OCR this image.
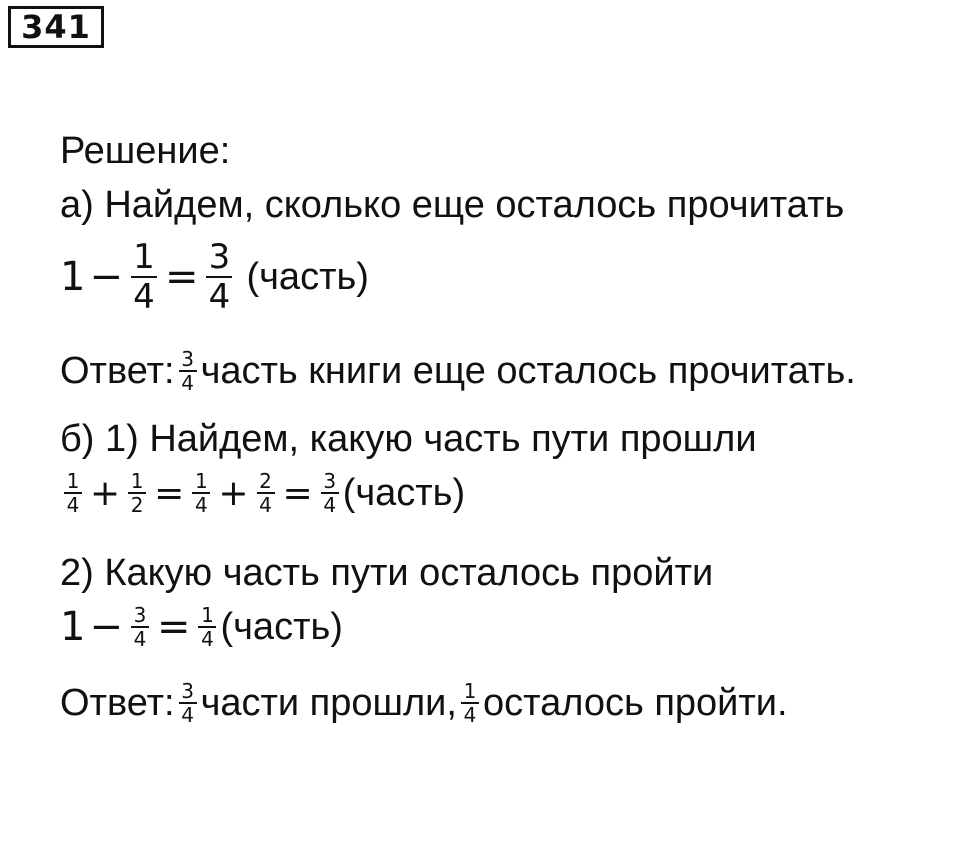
341
Решение:
а) Найдем, сколько еще осталось прочитать
$1 - \frac{1}{4} = \frac{3}{4}$ (часть)
Ответ: $\frac{3}{4}$ часть книги еще осталось прочитать.
б) 1) Найдем, какую часть пути прошли
$\frac{1}{4} + \frac{1}{2} = \frac{1}{4} + \frac{2}{4} = \frac{3}{4}$ (часть)
2) Какую часть пути осталось пройти
$1 - \frac{3}{4} = \frac{1}{4}$ (часть)
Ответ: $\frac{3}{4}$ части прошли, $\frac{1}{4}$ осталось пройти.
